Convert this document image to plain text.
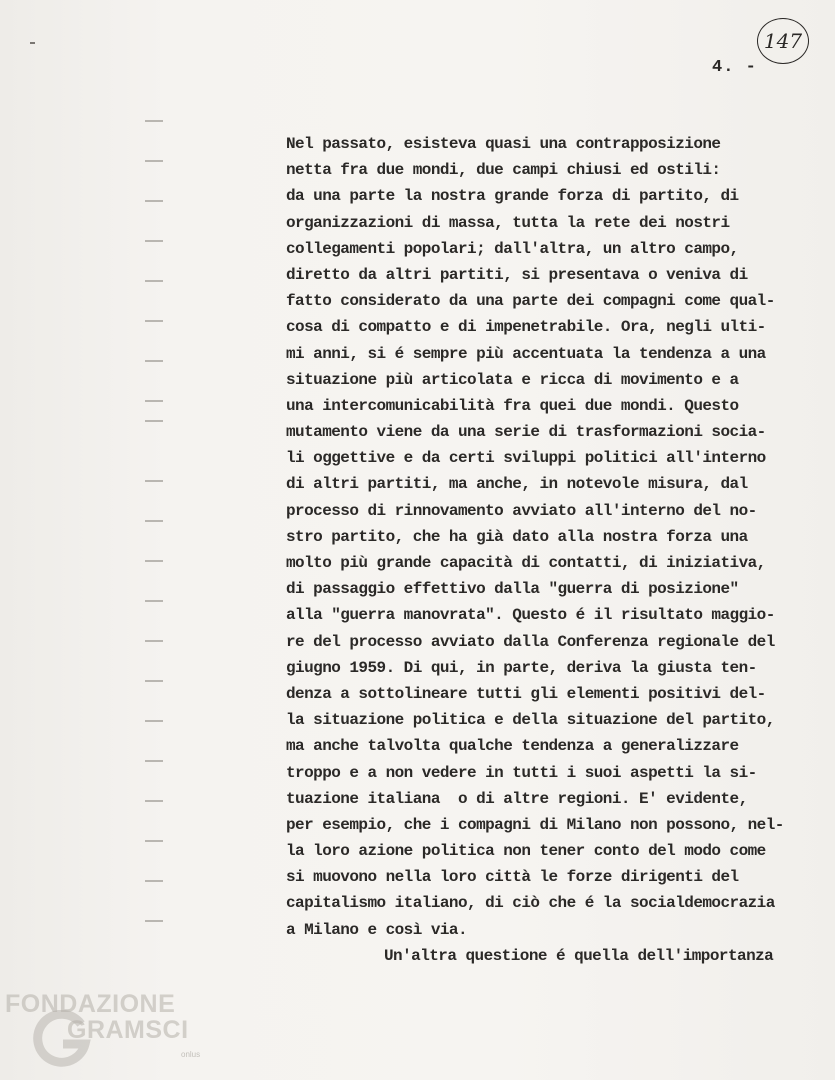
147
4. -
Nel passato, esisteva quasi una contrapposizione
netta fra due mondi, due campi chiusi ed ostili:
da una parte la nostra grande forza di partito, di
organizzazioni di massa, tutta la rete dei nostri
collegamenti popolari; dall'altra, un altro campo,
diretto da altri partiti, si presentava o veniva di
fatto considerato da una parte dei compagni come qual-
cosa di compatto e di impenetrabile. Ora, negli ulti-
mi anni, si é sempre più accentuata la tendenza a una
situazione più articolata e ricca di movimento e a
una intercomunicabilità fra quei due mondi. Questo
mutamento viene da una serie di trasformazioni socia-
li oggettive e da certi sviluppi politici all'interno
di altri partiti, ma anche, in notevole misura, dal
processo di rinnovamento avviato all'interno del no-
stro partito, che ha già dato alla nostra forza una
molto più grande capacità di contatti, di iniziativa,
di passaggio effettivo dalla "guerra di posizione"
alla "guerra manovrata". Questo é il risultato maggio-
re del processo avviato dalla Conferenza regionale del
giugno 1959. Di qui, in parte, deriva la giusta ten-
denza a sottolineare tutti gli elementi positivi del-
la situazione politica e della situazione del partito,
ma anche talvolta qualche tendenza a generalizzare
troppo e a non vedere in tutti i suoi aspetti la si-
tuazione italiana  o di altre regioni. E' evidente,
per esempio, che i compagni di Milano non possono, nel-
la loro azione politica non tener conto del modo come
si muovono nella loro città le forze dirigenti del
capitalismo italiano, di ciò che é la socialdemocrazia
a Milano e così via.
Un'altra questione é quella dell'importanza
FONDAZIONE
GRAMSCI
onlus
